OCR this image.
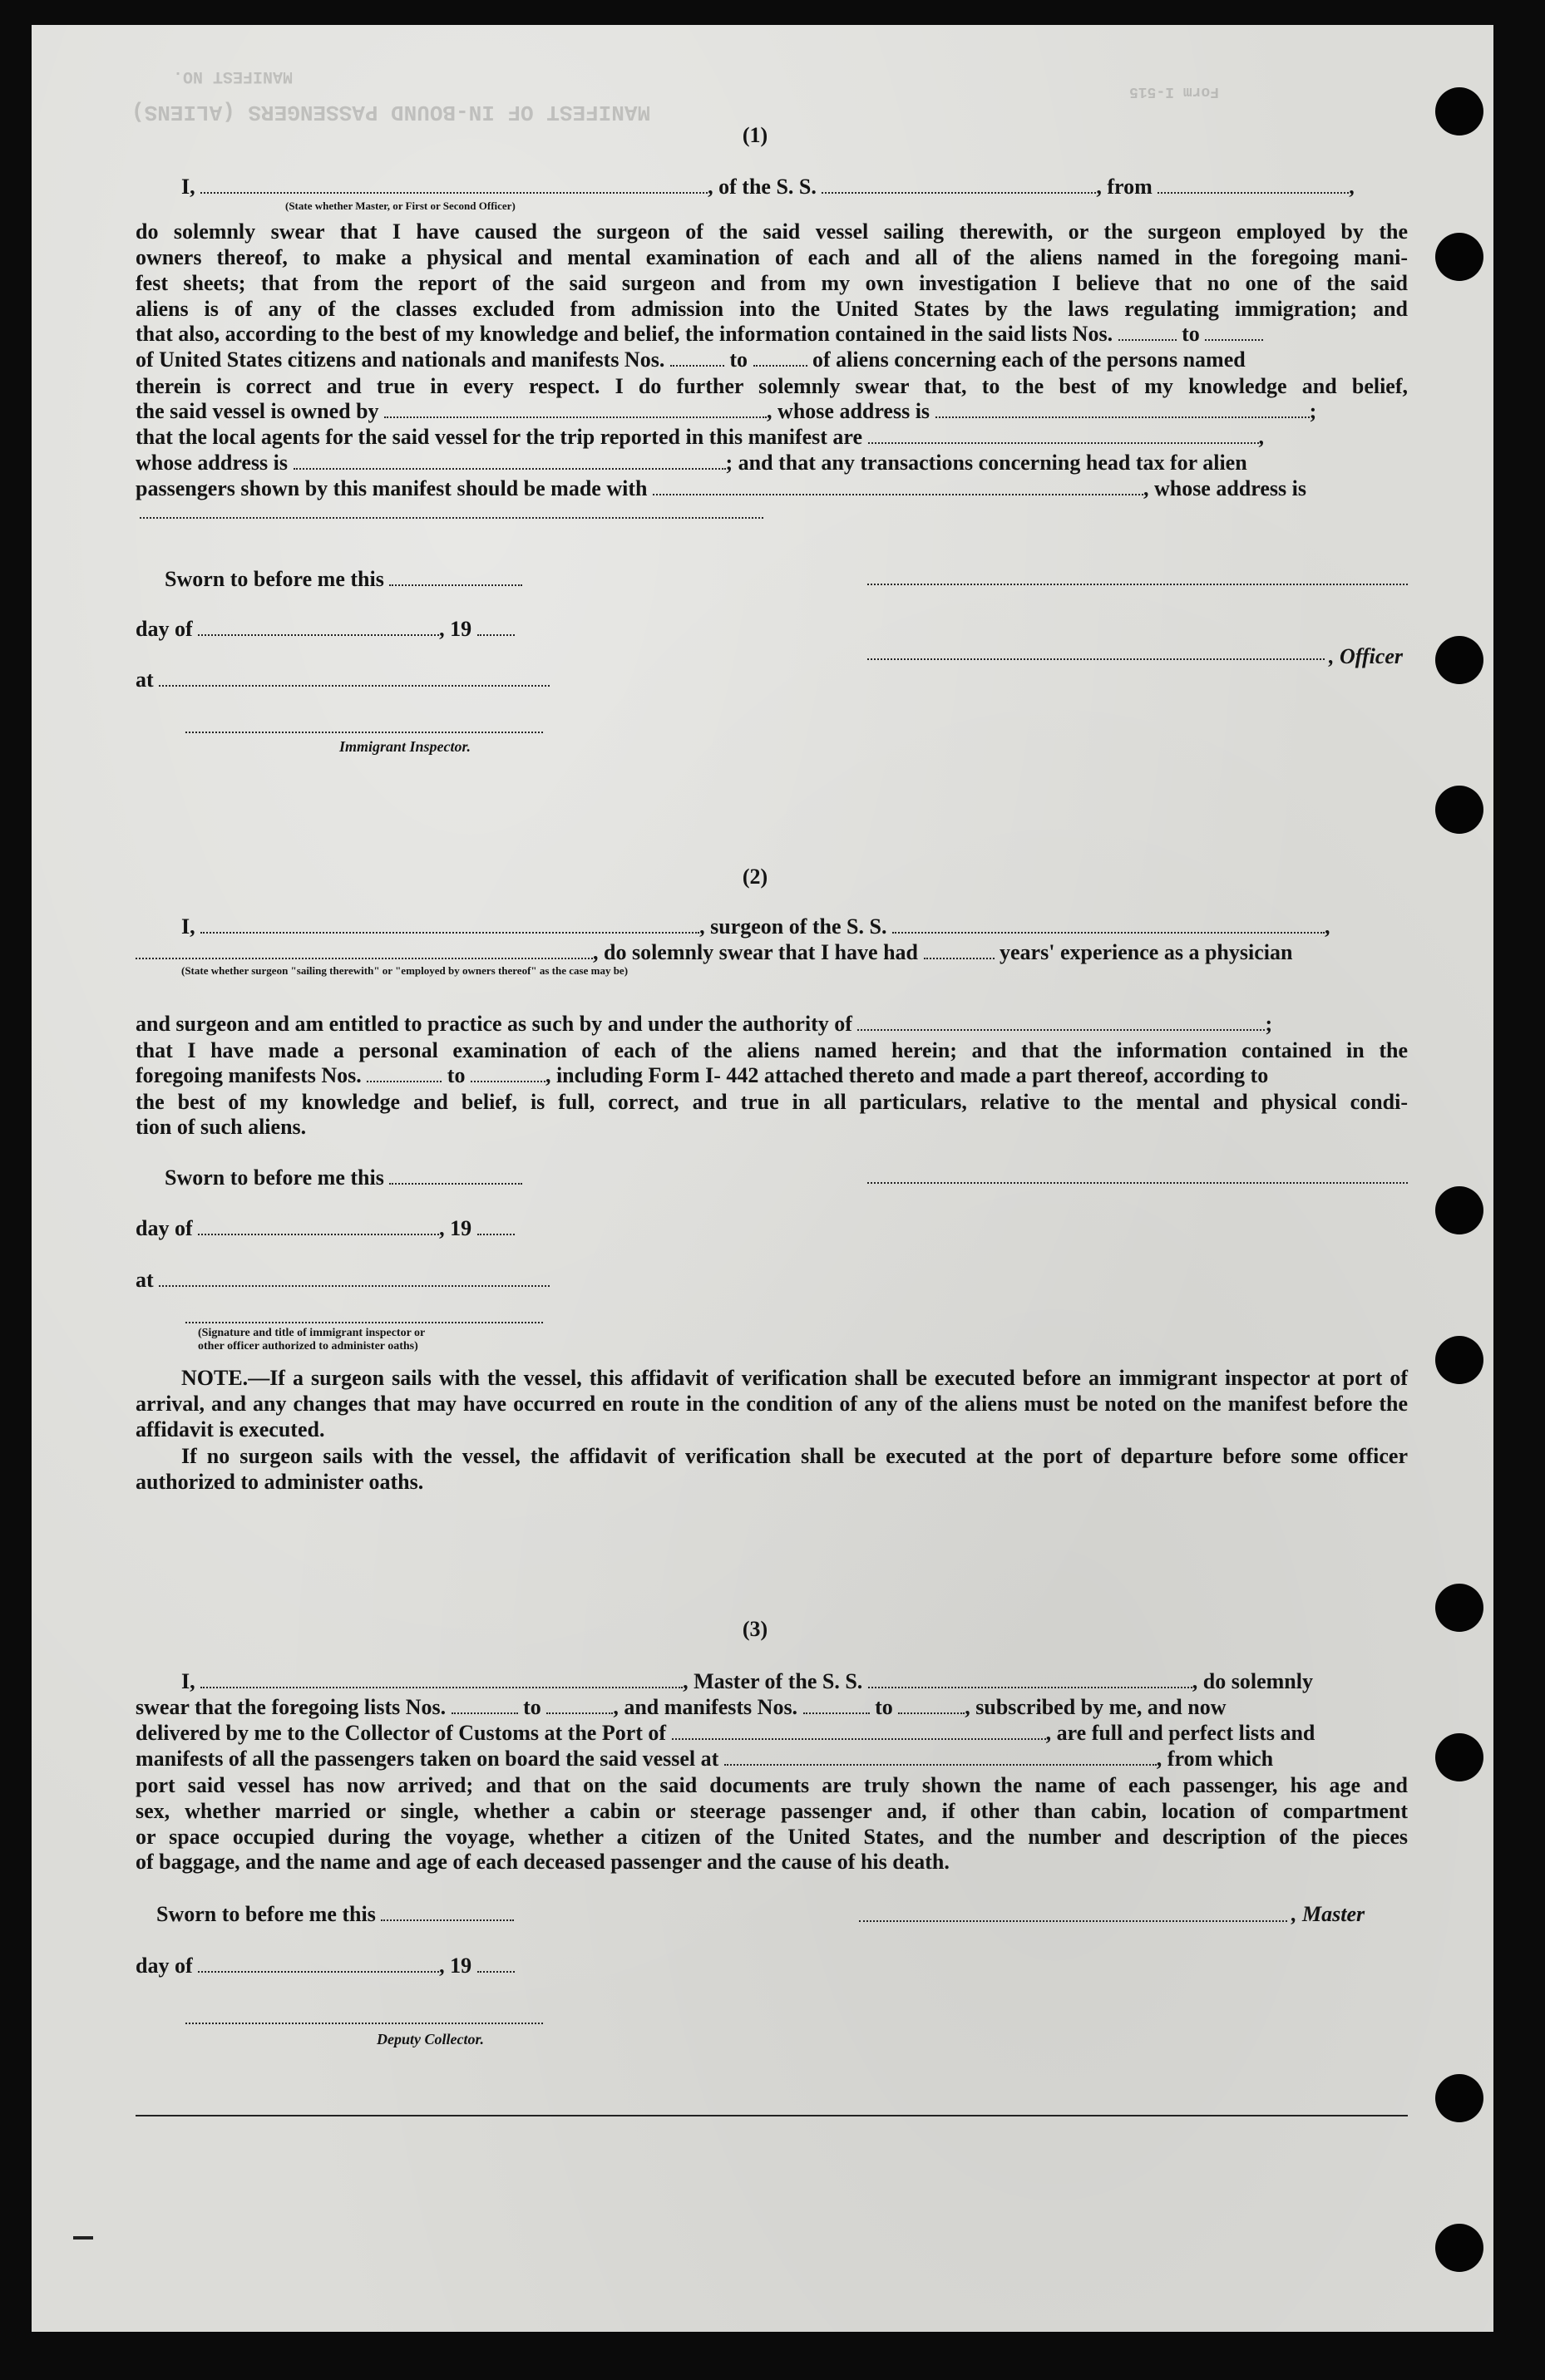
MANIFEST OF IN-BOUND PASSENGERS (ALIENS)
MANIFEST NO.
Form I-515
(1)
I,	, of the S. S.	, from	,
(State whether Master, or First or Second Officer)
do solemnly swear that I have caused the surgeon of the said vessel sailing therewith, or the surgeon employed by the
owners thereof, to make a physical and mental examination of each and all of the aliens named in the foregoing mani-
fest sheets; that from the report of the said surgeon and from my own investigation I believe that no one of the said
aliens is of any of the classes excluded from admission into the United States by the laws regulating immigration; and
that also, according to the best of my knowledge and belief, the information contained in the said lists Nos.	to
of United States citizens and nationals and manifests Nos.	to	of aliens concerning each of the persons named
therein is correct and true in every respect. I do further solemnly swear that, to the best of my knowledge and belief,
the said vessel is owned by	, whose address is	;
that the local agents for the said vessel for the trip reported in this manifest are	,
whose address is	; and that any transactions concerning head tax for alien
passengers shown by this manifest should be made with	, whose address is
Sworn to before me this
day of	, 19
, Officer
at
Immigrant Inspector.
(2)
I,	, surgeon of the S. S.	,
, do solemnly swear that I have had	years' experience as a physician
(State whether surgeon "sailing therewith" or "employed by owners thereof" as the case may be)
and surgeon and am entitled to practice as such by and under the authority of	;
that I have made a personal examination of each of the aliens named herein; and that the information contained in the
foregoing manifests Nos.	to	, including Form I- 442 attached thereto and made a part thereof, according to
the best of my knowledge and belief, is full, correct, and true in all particulars, relative to the mental and physical condi-
tion of such aliens.
Sworn to before me this
day of	, 19
at
(Signature and title of immigrant inspector or
other officer authorized to administer oaths)
NOTE.—If a surgeon sails with the vessel, this affidavit of verification shall be executed before an immigrant inspector at port of arrival, and any changes that may have occurred en route in the condition of any of the aliens must be noted on the manifest before the affidavit is executed.
If no surgeon sails with the vessel, the affidavit of verification shall be executed at the port of departure before some officer authorized to administer oaths.
(3)
I,	, Master of the S. S.	, do solemnly
swear that the foregoing lists Nos.	to	, and manifests Nos.	to	, subscribed by me, and now
delivered by me to the Collector of Customs at the Port of	, are full and perfect lists and
manifests of all the passengers taken on board the said vessel at	, from which
port said vessel has now arrived; and that on the said documents are truly shown the name of each passenger, his age and
sex, whether married or single, whether a cabin or steerage passenger and, if other than cabin, location of compartment
or space occupied during the voyage, whether a citizen of the United States, and the number and description of the pieces
of baggage, and the name and age of each deceased passenger and the cause of his death.
Sworn to before me this	, Master
day of	, 19
Deputy Collector.
